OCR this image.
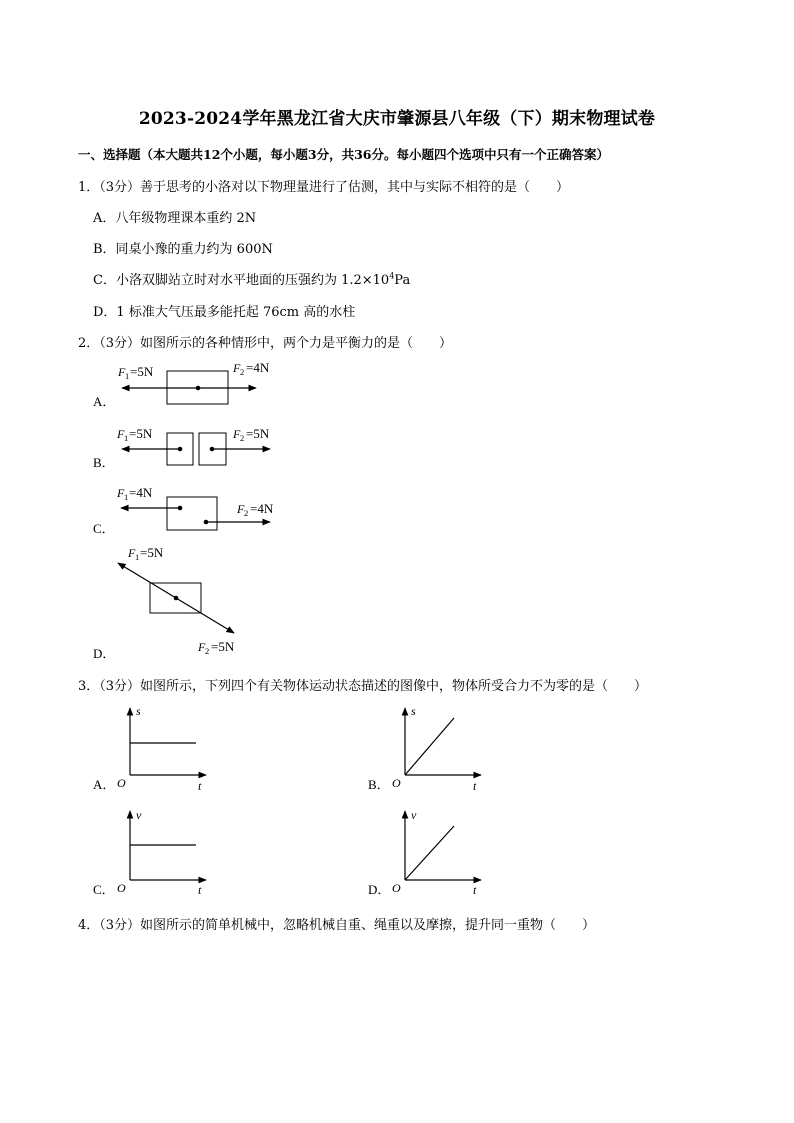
2023-2024学年黑龙江省大庆市肇源县八年级（下）期末物理试卷
一、选择题（本大题共12个小题，每小题3分，共36分。每小题四个选项中只有一个正确答案）
1．（3分）善于思考的小洛对以下物理量进行了估测，其中与实际不相符的是（　　）
A．八年级物理课本重约 2N
B．同桌小豫的重力约为 600N
C．小洛双脚站立时对水平地面的压强约为 $1.2\times 10^4Pa$
D．1 标准大气压最多能托起 76cm 高的水柱
2．（3分）如图所示的各种情形中，两个力是平衡力的是（　　）
A．
F 1 =5N	F 2 =4N
B．
F 1 =5N	F 2 =5N
C．
F 1 =4N
F 2 =4N
D．
F 1 =5N
F 2 =5N
A． O	t
s
B． O	t
s
C． O	t
v
D． O	t
v
3．（3分）如图所示，下列四个有关物体运动状态描述的图像中，物体所受合力不为零的是（　　）
4．（3分）如图所示的简单机械中，忽略机械自重、绳重以及摩擦，提升同一重物（　　）
